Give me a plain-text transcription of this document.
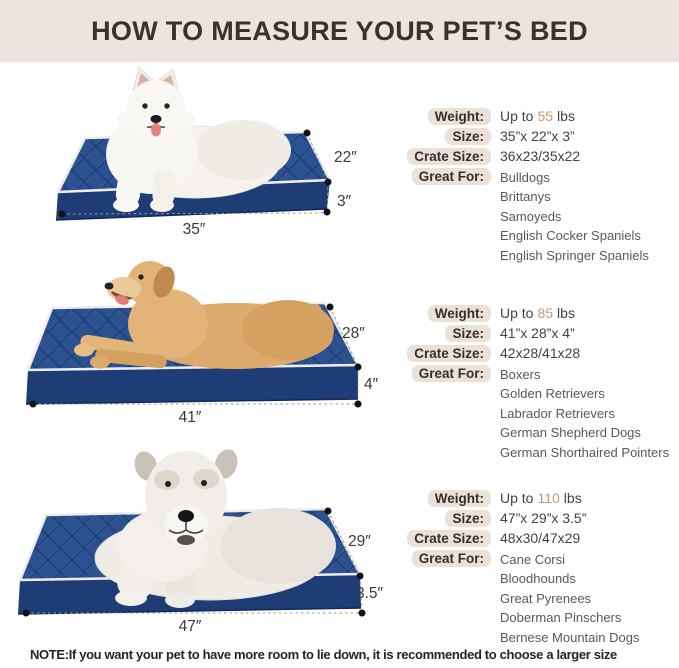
HOW TO MEASURE YOUR PET’S BED
22″
3″
35″
28″
4″
41″
29″
3.5″
47″
Weight:	Up to 55 lbs
Size:	35”x 22”x 3”
Crate Size:	36x23/35x22
Great For:	Bulldogs
Brittanys
Samoyeds
English Cocker Spaniels
English Springer Spaniels
Weight:	Up to 85 lbs
Size:	41”x 28”x 4”
Crate Size:	42x28/41x28
Great For:	Boxers
Golden Retrievers
Labrador Retrievers
German Shepherd Dogs
German Shorthaired Pointers
Weight:	Up to 110 lbs
Size:	47”x 29”x 3.5”
Crate Size:	48x30/47x29
Great For:	Cane Corsi
Bloodhounds
Great Pyrenees
Doberman Pinschers
Bernese Mountain Dogs
NOTE:If you want your pet to have more room to lie down, it is recommended to choose a larger size
